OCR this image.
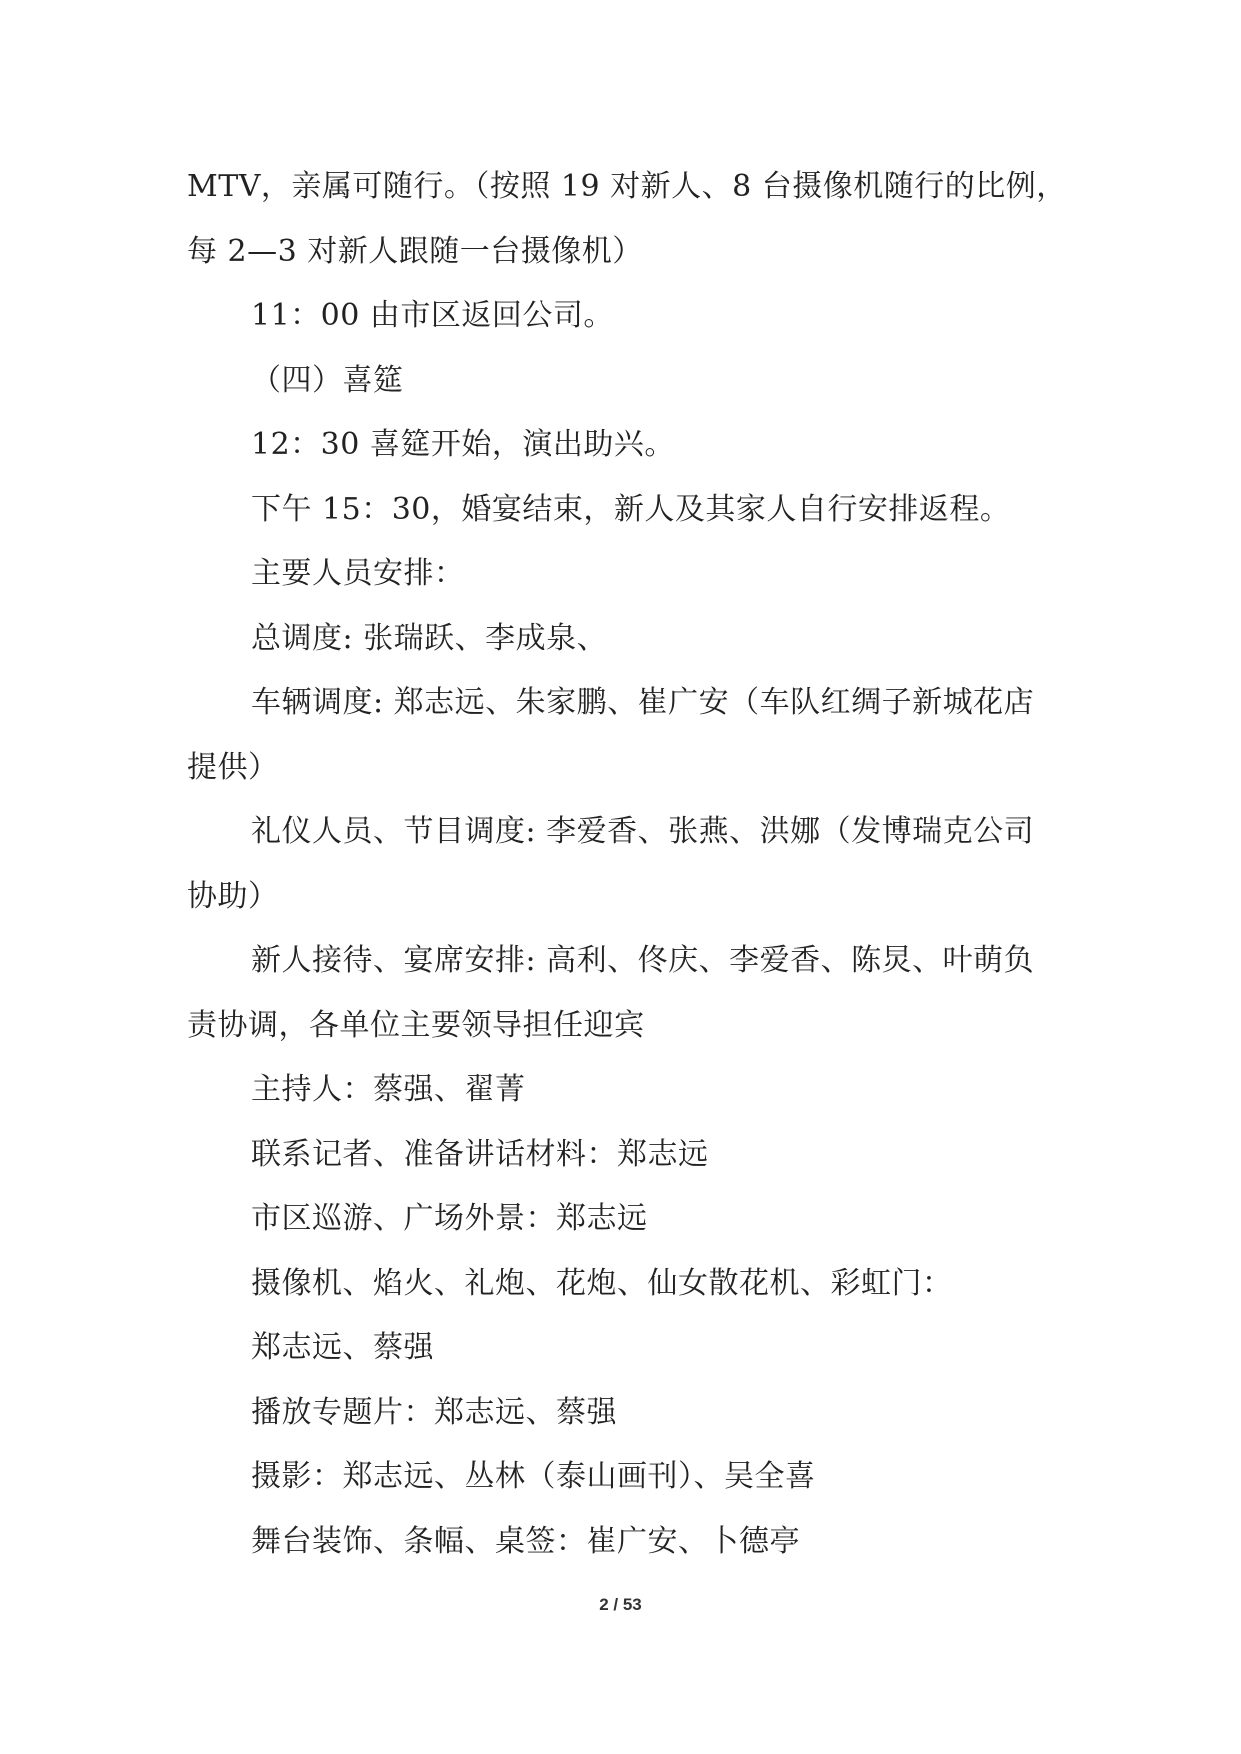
MTV，亲属可随行。（按照 19 对新人、8 台摄像机随行的比例，
每 2—3 对新人跟随一台摄像机）
11：00 由市区返回公司。
（四）喜筵
12：30 喜筵开始，演出助兴。
下午 15：30，婚宴结束，新人及其家人自行安排返程。
主要人员安排：
总调度: 张瑞跃、李成泉、
车辆调度: 郑志远、朱家鹏、崔广安（车队红绸子新城花店
提供）
礼仪人员、节目调度: 李爱香、张燕、洪娜（发博瑞克公司
协助）
新人接待、宴席安排: 高利、佟庆、李爱香、陈炅、叶萌负
责协调，各单位主要领导担任迎宾
主持人：蔡强、翟菁
联系记者、准备讲话材料：郑志远
市区巡游、广场外景：郑志远
摄像机、焰火、礼炮、花炮、仙女散花机、彩虹门：
郑志远、蔡强
播放专题片：郑志远、蔡强
摄影：郑志远、丛林（泰山画刊）、吴全喜
舞台装饰、条幅、桌签：崔广安、卜德亭
2 / 53
